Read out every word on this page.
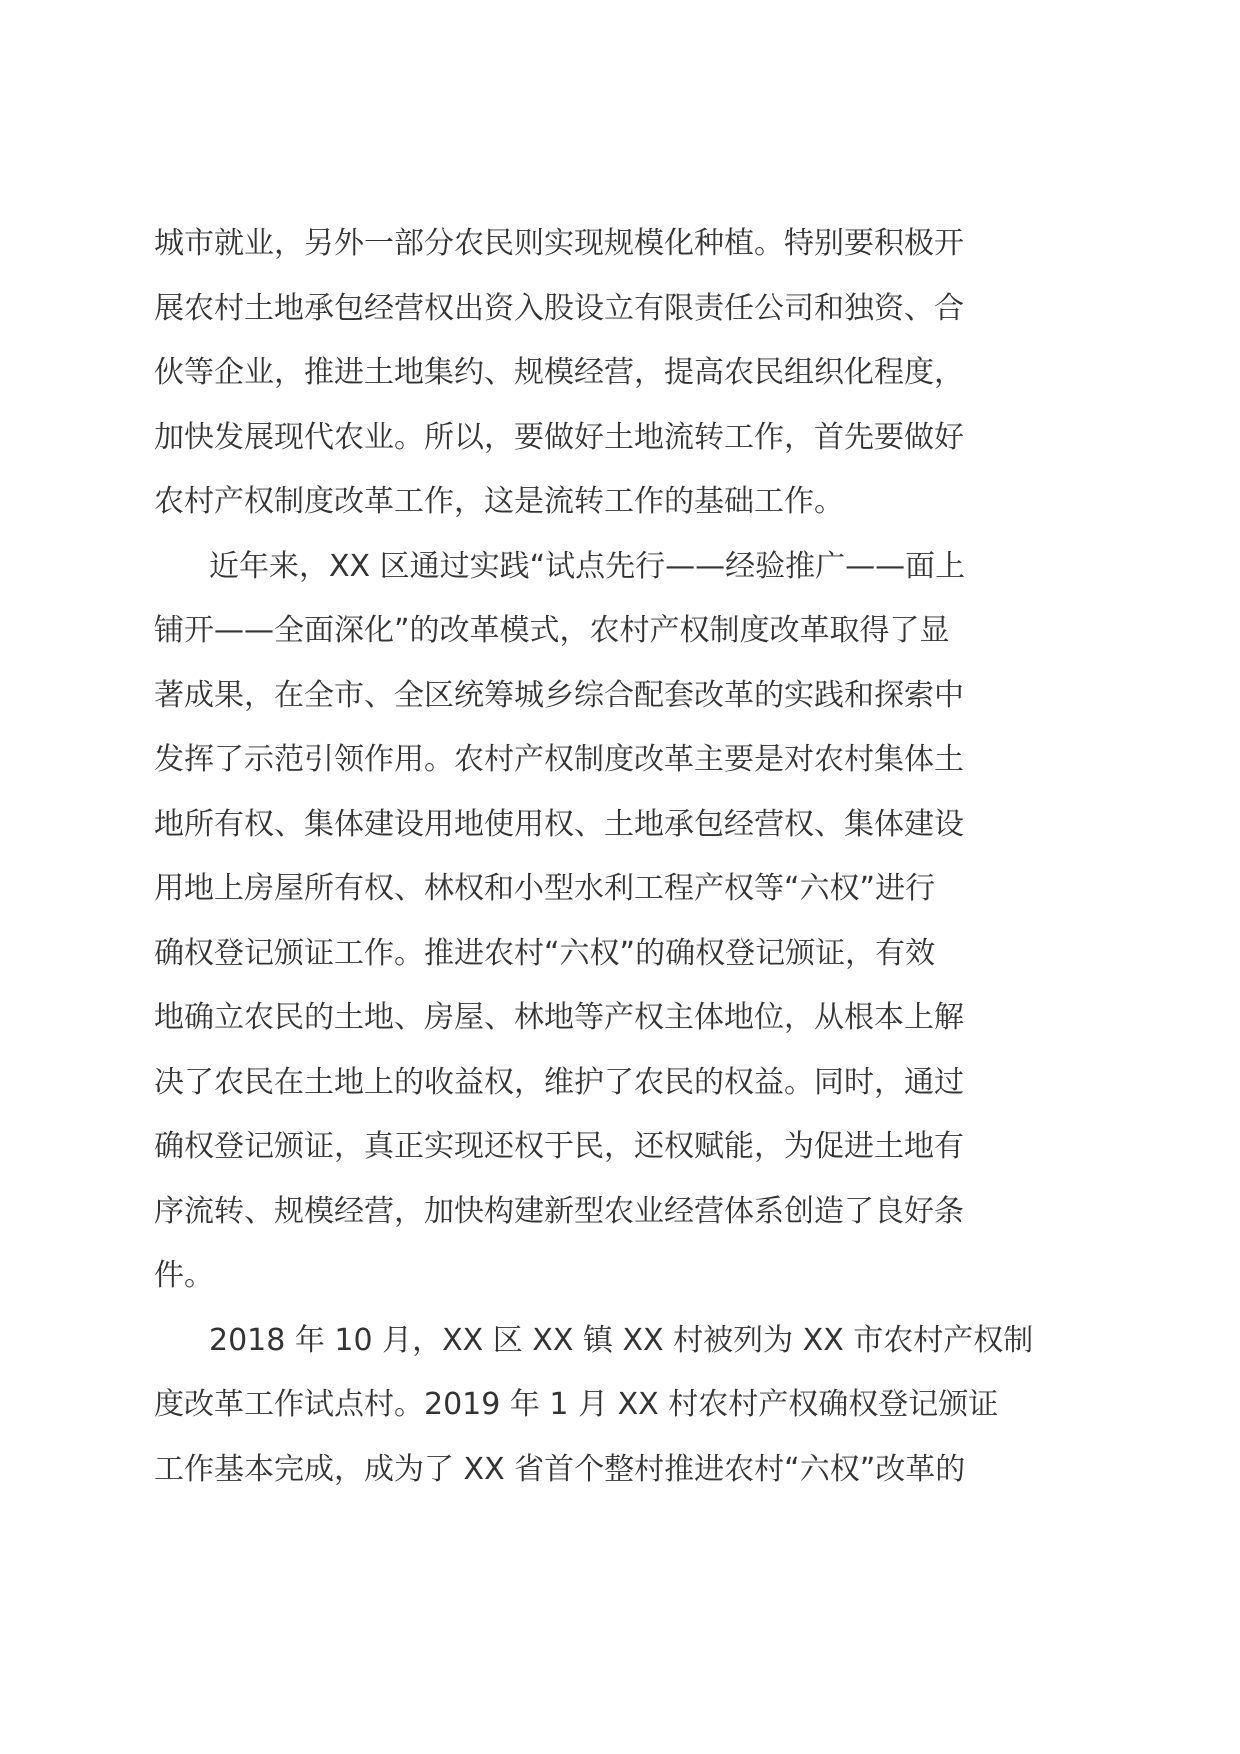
城市就业，另外一部分农民则实现规模化种植。特别要积极开
展农村土地承包经营权出资入股设立有限责任公司和独资、合
伙等企业，推进土地集约、规模经营，提高农民组织化程度，
加快发展现代农业。所以，要做好土地流转工作，首先要做好
农村产权制度改革工作，这是流转工作的基础工作。
近年来，XX 区通过实践“试点先行——经验推广——面上
铺开——全面深化”的改革模式，农村产权制度改革取得了显
著成果，在全市、全区统筹城乡综合配套改革的实践和探索中
发挥了示范引领作用。农村产权制度改革主要是对农村集体土
地所有权、集体建设用地使用权、土地承包经营权、集体建设
用地上房屋所有权、林权和小型水利工程产权等“六权”进行
确权登记颁证工作。推进农村“六权”的确权登记颁证，有效
地确立农民的土地、房屋、林地等产权主体地位，从根本上解
决了农民在土地上的收益权，维护了农民的权益。同时，通过
确权登记颁证，真正实现还权于民，还权赋能，为促进土地有
序流转、规模经营，加快构建新型农业经营体系创造了良好条
件。
2018 年 10 月，XX 区 XX 镇 XX 村被列为 XX 市农村产权制
度改革工作试点村。2019 年 1 月 XX 村农村产权确权登记颁证
工作基本完成，成为了 XX 省首个整村推进农村“六权”改革的
